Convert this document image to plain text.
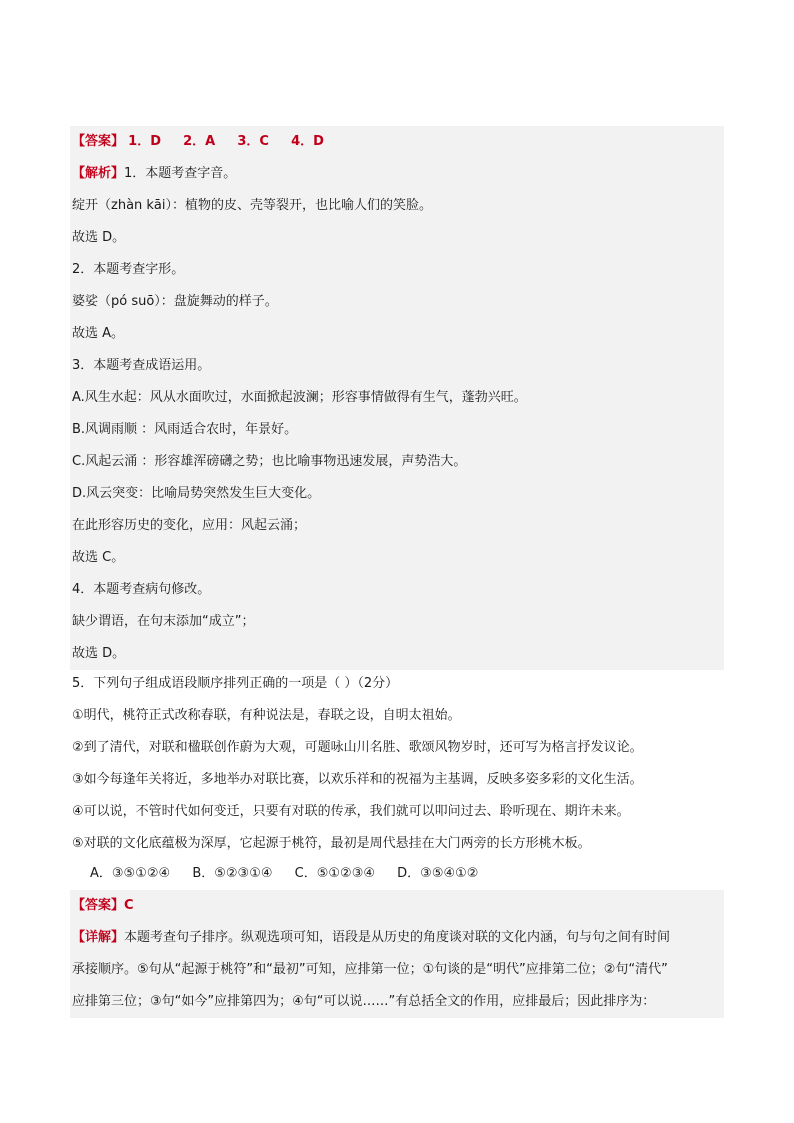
【答案】 1．D 2．A 3．C 4．D
【解析】1．本题考查字音。
绽开（zhàn kāi）：植物的皮、壳等裂开，也比喻人们的笑脸。
故选 D。
2．本题考查字形。
婆娑（pó suō）：盘旋舞动的样子。
故选 A。
3．本题考查成语运用。
A.风生水起：风从水面吹过，水面掀起波澜；形容事情做得有生气，蓬勃兴旺。
B.风调雨顺 ：风雨适合农时，年景好。
C.风起云涌 ：形容雄浑磅礴之势；也比喻事物迅速发展，声势浩大。
D.风云突变：比喻局势突然发生巨大变化。
在此形容历史的变化，应用：风起云涌；
故选 C。
4．本题考查病句修改。
缺少谓语，在句末添加“成立”；
故选 D。
5．下列句子组成语段顺序排列正确的一项是（ ）（2分）
①明代，桃符正式改称春联，有种说法是，春联之设，自明太祖始。
②到了清代，对联和楹联创作蔚为大观，可题咏山川名胜、歌颂风物岁时，还可写为格言抒发议论。
③如今每逢年关将近，多地举办对联比赛，以欢乐祥和的祝福为主基调，反映多姿多彩的文化生活。
④可以说，不管时代如何变迁，只要有对联的传承，我们就可以叩问过去、聆听现在、期许未来。
⑤对联的文化底蕴极为深厚，它起源于桃符，最初是周代悬挂在大门两旁的长方形桃木板。
A．③⑤①②④ B．⑤②③①④ C．⑤①②③④ D．③⑤④①②
【答案】C
【详解】本题考查句子排序。纵观选项可知，语段是从历史的角度谈对联的文化内涵，句与句之间有时间
承接顺序。⑤句从“起源于桃符”和“最初”可知，应排第一位；①句谈的是“明代”应排第二位；②句“清代”
应排第三位；③句“如今”应排第四为；④句“可以说……”有总括全文的作用，应排最后；因此排序为：
